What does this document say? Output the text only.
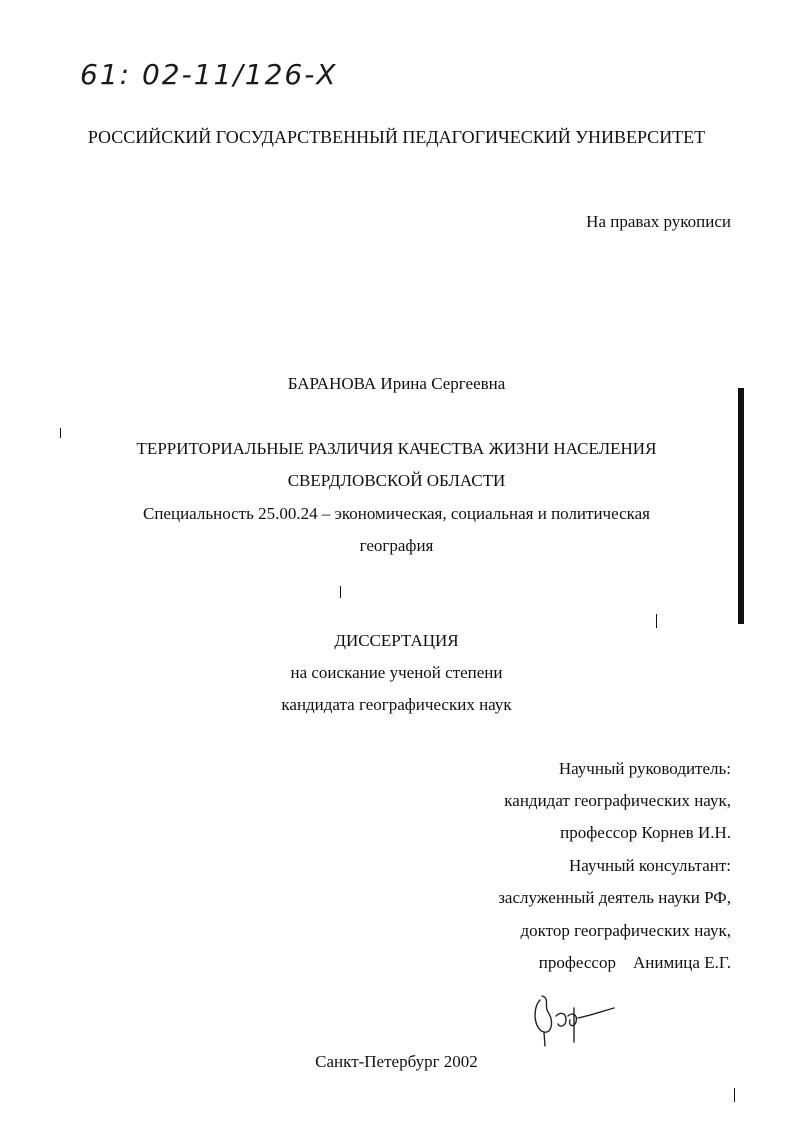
61: 02-11/126-Х
РОССИЙСКИЙ ГОСУДАРСТВЕННЫЙ ПЕДАГОГИЧЕСКИЙ УНИВЕРСИТЕТ
На правах рукописи
БАРАНОВА Ирина Сергеевна
ТЕРРИТОРИАЛЬНЫЕ РАЗЛИЧИЯ КАЧЕСТВА ЖИЗНИ НАСЕЛЕНИЯ
СВЕРДЛОВСКОЙ ОБЛАСТИ
Специальность 25.00.24 – экономическая, социальная и политическая
география
ДИССЕРТАЦИЯ
на соискание ученой степени
кандидата географических наук
Научный руководитель:
кандидат географических наук,
профессор Корнев И.Н.
Научный консультант:
заслуженный деятель науки РФ,
доктор географических наук,
профессор    Анимица Е.Г.
Санкт-Петербург 2002
